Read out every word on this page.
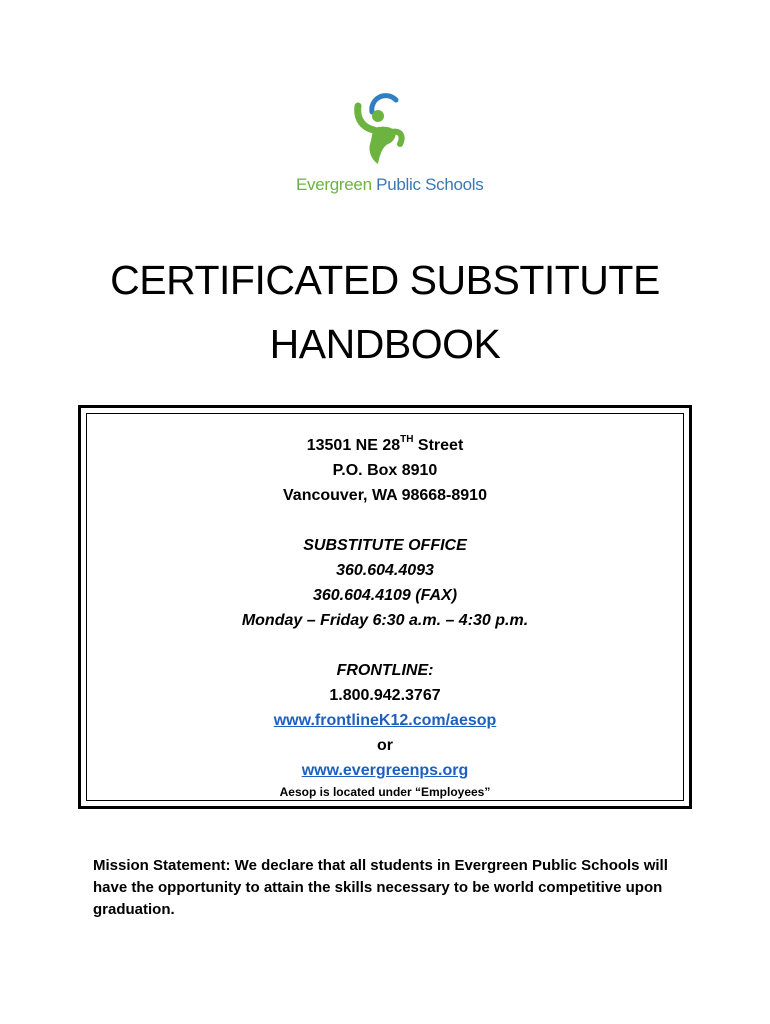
Evergreen Public Schools
CERTIFICATED SUBSTITUTE
HANDBOOK
13501 NE 28TH Street
P.O. Box 8910
Vancouver, WA 98668-8910
SUBSTITUTE OFFICE
360.604.4093
360.604.4109 (FAX)
Monday – Friday 6:30 a.m. – 4:30 p.m.
FRONTLINE:
1.800.942.3767
www.frontlineK12.com/aesop
or
www.evergreenps.org
Aesop is located under “Employees”
Mission Statement: We declare that all students in Evergreen Public Schools will have the opportunity to attain the skills necessary to be world competitive upon graduation.
